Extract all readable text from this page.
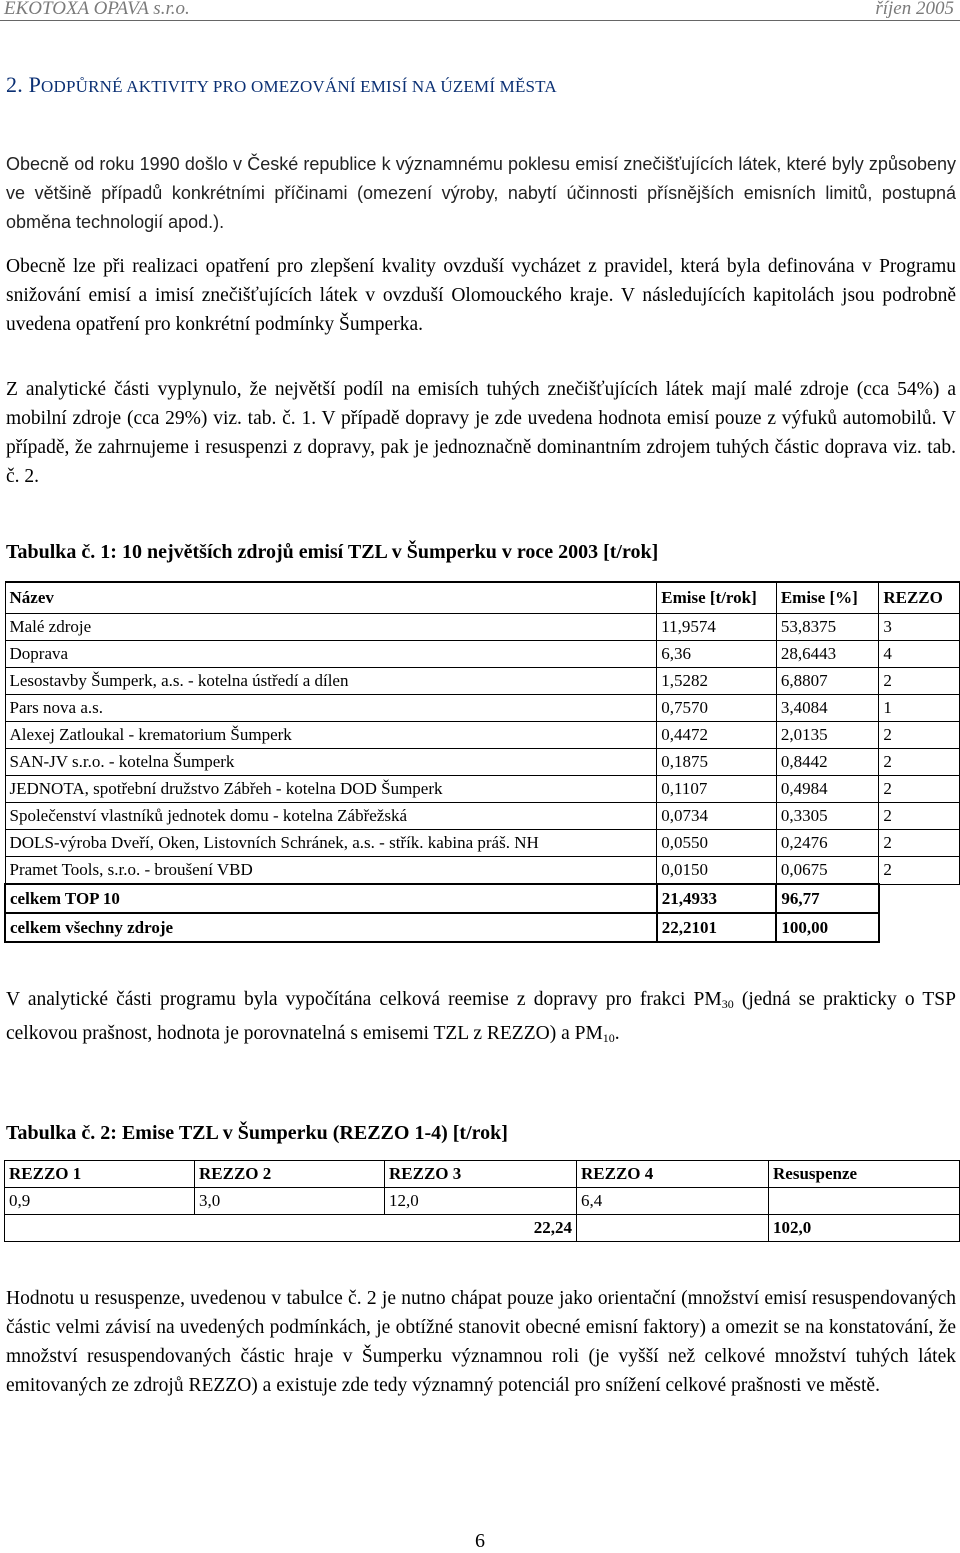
EKOTOXA OPAVA s.r.o.	říjen 2005
2. PODPŮRNÉ AKTIVITY PRO OMEZOVÁNÍ EMISÍ NA ÚZEMÍ MĚSTA
Obecně od roku 1990 došlo v České republice k významnému poklesu emisí znečišťujících látek, které byly způsobeny ve většině případů konkrétními příčinami (omezení výroby, nabytí účinnosti přísnějších emisních limitů, postupná obměna technologií apod.).
Obecně lze při realizaci opatření pro zlepšení kvality ovzduší vycházet z pravidel, která byla definována v Programu snižování emisí a imisí znečišťujících látek v ovzduší Olomouckého kraje. V následujících kapitolách jsou podrobně uvedena opatření pro konkrétní podmínky Šumperka.
Z analytické části vyplynulo, že největší podíl na emisích tuhých znečišťujících látek mají malé zdroje (cca 54%) a mobilní zdroje (cca 29%) viz. tab. č. 1. V případě dopravy je zde uvedena hodnota emisí pouze z výfuků automobilů. V případě, že zahrnujeme i resuspenzi z dopravy, pak je jednoznačně dominantním zdrojem tuhých částic doprava viz. tab. č. 2.
Tabulka č. 1: 10 největších zdrojů emisí TZL v Šumperku v roce 2003 [t/rok]
Název	Emise [t/rok]	Emise [%]	REZZO
Malé zdroje	11,9574	53,8375	3
Doprava	6,36	28,6443	4
Lesostavby Šumperk, a.s. - kotelna ústředí a dílen	1,5282	6,8807	2
Pars nova a.s.	0,7570	3,4084	1
Alexej Zatloukal - krematorium Šumperk	0,4472	2,0135	2
SAN-JV s.r.o. - kotelna Šumperk	0,1875	0,8442	2
JEDNOTA, spotřební družstvo Zábřeh - kotelna DOD Šumperk	0,1107	0,4984	2
Společenství vlastníků jednotek domu - kotelna Zábřežská	0,0734	0,3305	2
DOLS-výroba Dveří, Oken, Listovních Schránek, a.s. - střík. kabina práš. NH	0,0550	0,2476	2
Pramet Tools, s.r.o. - broušení VBD	0,0150	0,0675	2
celkem TOP 10	21,4933	96,77	
celkem všechny zdroje	22,2101	100,00	
V analytické části programu byla vypočítána celková reemise z dopravy pro frakci $PM_{30}$ (jedná se prakticky o TSP celkovou prašnost, hodnota je porovnatelná s emisemi TZL z REZZO) a $PM_{10}$.
Tabulka č. 2: Emise TZL v Šumperku (REZZO 1-4) [t/rok]
REZZO 1	REZZO 2	REZZO 3	REZZO 4	Resuspenze
0,9	3,0	12,0	6,4	
22,24				102,0
Hodnotu u resuspenze, uvedenou v tabulce č. 2 je nutno chápat pouze jako orientační (množství emisí resuspendovaných částic velmi závisí na uvedených podmínkách, je obtížné stanovit obecné emisní faktory) a omezit se na konstatování, že množství resuspendovaných částic hraje v Šumperku významnou roli (je vyšší než celkové množství tuhých látek emitovaných ze zdrojů REZZO) a existuje zde tedy významný potenciál pro snížení celkové prašnosti ve městě.
6
